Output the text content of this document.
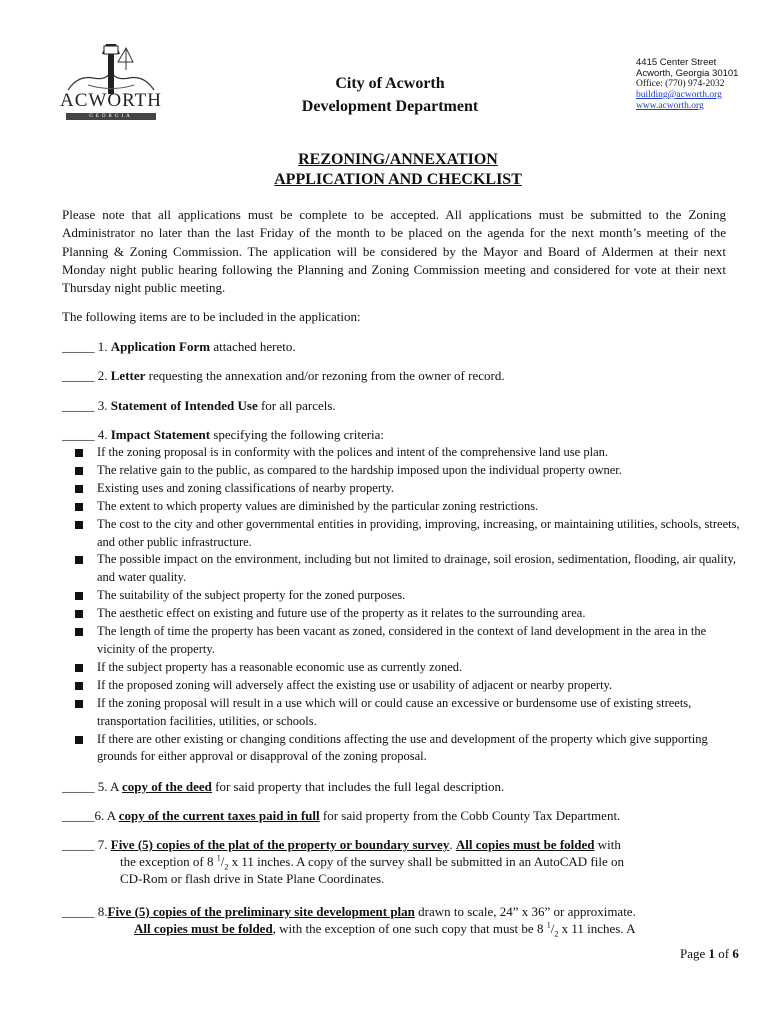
ACWORTH
GEORGIA
City of Acworth
Development Department
4415 Center Street
Acworth, Georgia 30101
Office: (770) 974-2032
building@acworth.org
www.acworth.org
REZONING/ANNEXATION
APPLICATION AND CHECKLIST
Please note that all applications must be complete to be accepted. All applications must be submitted to the Zoning Administrator no later than the last Friday of the month to be placed on the agenda for the next month’s meeting of the Planning & Zoning Commission. The application will be considered by the Mayor and Board of Aldermen at their next Monday night public hearing following the Planning and Zoning Commission meeting and considered for vote at their next Thursday night public meeting.
The following items are to be included in the application:
_____ 1. Application Form attached hereto.
_____ 2. Letter requesting the annexation and/or rezoning from the owner of record.
_____ 3. Statement of Intended Use for all parcels.
_____ 4. Impact Statement specifying the following criteria:
If the zoning proposal is in conformity with the polices and intent of the comprehensive land use plan.
The relative gain to the public, as compared to the hardship imposed upon the individual property owner.
Existing uses and zoning classifications of nearby property.
The extent to which property values are diminished by the particular zoning restrictions.
The cost to the city and other governmental entities in providing, improving, increasing, or maintaining utilities, schools, streets, and other public infrastructure.
The possible impact on the environment, including but not limited to drainage, soil erosion, sedimentation, flooding, air quality, and water quality.
The suitability of the subject property for the zoned purposes.
The aesthetic effect on existing and future use of the property as it relates to the surrounding area.
The length of time the property has been vacant as zoned, considered in the context of land development in the area in the vicinity of the property.
If the subject property has a reasonable economic use as currently zoned.
If the proposed zoning will adversely affect the existing use or usability of adjacent or nearby property.
If the zoning proposal will result in a use which will or could cause an excessive or burdensome use of existing streets, transportation facilities, utilities, or schools.
If there are other existing or changing conditions affecting the use and development of the property which give supporting grounds for either approval or disapproval of the zoning proposal.
_____ 5. A copy of the deed for said property that includes the full legal description.
_____6. A copy of the current taxes paid in full for said property from the Cobb County Tax Department.
_____ 7. Five (5) copies of the plat of the property or boundary survey. All copies must be folded with
the exception of 8 $^1/_2$ x 11 inches. A copy of the survey shall be submitted in an AutoCAD file on
CD-Rom or flash drive in State Plane Coordinates.
_____ 8.Five (5) copies of the preliminary site development plan drawn to scale, 24” x 36” or approximate.
All copies must be folded, with the exception of one such copy that must be 8 $^1/_2$ x 11 inches. A
Page 1 of 6
